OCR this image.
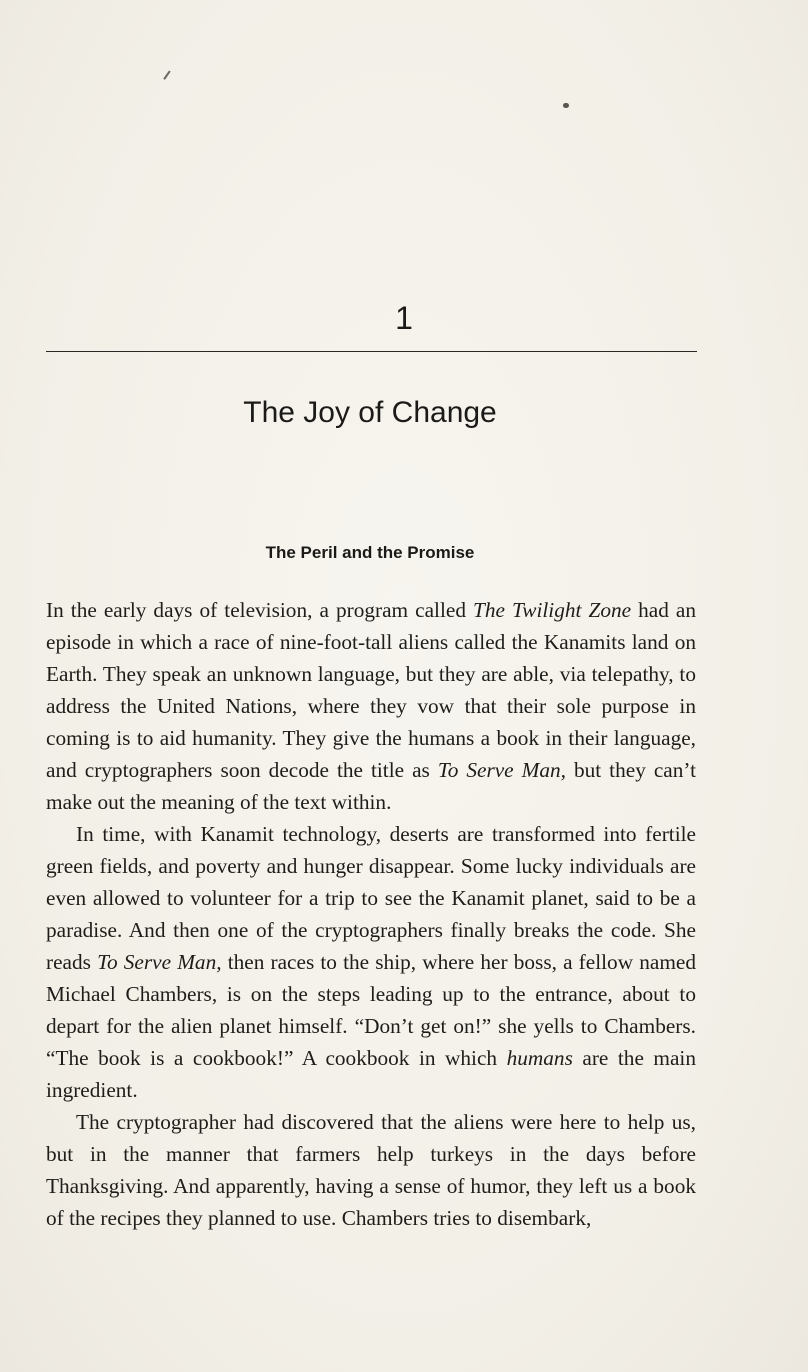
1
The Joy of Change
The Peril and the Promise

In the early days of television, a program called The Twilight Zone had an episode in which a race of nine-foot-tall aliens called the Kanamits land on Earth. They speak an unknown language, but they are able, via telepathy, to address the United Nations, where they vow that their sole purpose in coming is to aid humanity. They give the humans a book in their language, and cryptographers soon decode the title as To Serve Man, but they can’t make out the meaning of the text within.

In time, with Kanamit technology, deserts are transformed into fertile green fields, and poverty and hunger disappear. Some lucky individuals are even allowed to volunteer for a trip to see the Kanamit planet, said to be a paradise. And then one of the cryptographers finally breaks the code. She reads To Serve Man, then races to the ship, where her boss, a fellow named Michael Chambers, is on the steps leading up to the entrance, about to depart for the alien planet himself. “Don’t get on!” she yells to Chambers. “The book is a cookbook!” A cookbook in which humans are the main ingredient.

The cryptographer had discovered that the aliens were here to help us, but in the manner that farmers help turkeys in the days before Thanksgiving. And apparently, having a sense of humor, they left us a book of the recipes they planned to use. Chambers tries to disembark,
